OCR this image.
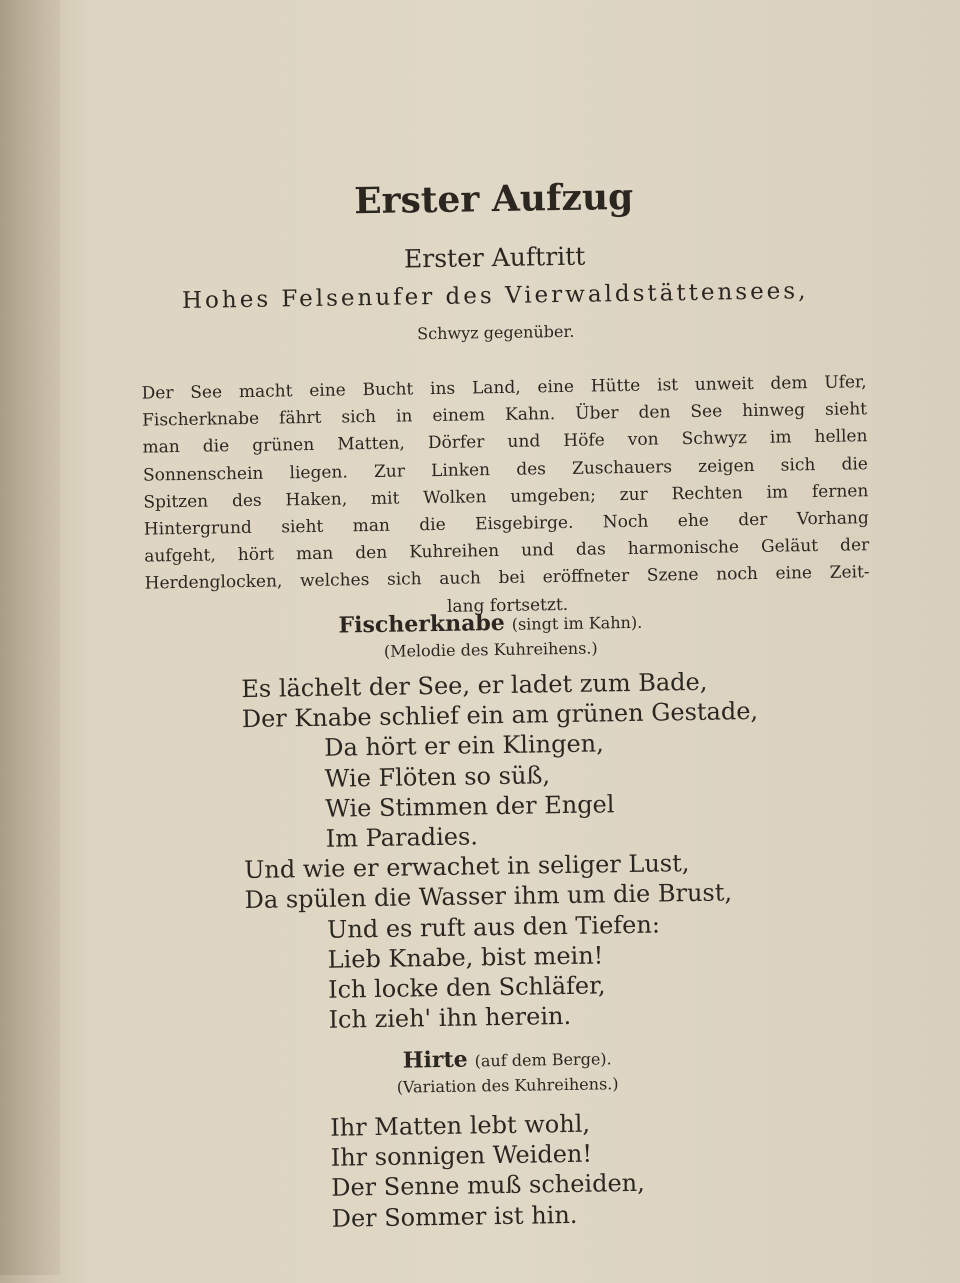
Erster Aufzug
Erster Auftritt
Hohes Felsenufer des Vierwaldstättensees,
Schwyz gegenüber.
Der See macht eine Bucht ins Land, eine Hütte ist unweit dem Ufer,
Fischerknabe fährt sich in einem Kahn. Über den See hinweg sieht
man die grünen Matten, Dörfer und Höfe von Schwyz im hellen
Sonnenschein liegen. Zur Linken des Zuschauers zeigen sich die
Spitzen des Haken, mit Wolken umgeben; zur Rechten im fernen
Hintergrund sieht man die Eisgebirge. Noch ehe der Vorhang
aufgeht, hört man den Kuhreihen und das harmonische Geläut der
Herdenglocken, welches sich auch bei eröffneter Szene noch eine Zeit-
lang fortsetzt.
Fischerknabe (singt im Kahn).
(Melodie des Kuhreihens.)
Es lächelt der See, er ladet zum Bade,
Der Knabe schlief ein am grünen Gestade,
Da hört er ein Klingen,
Wie Flöten so süß,
Wie Stimmen der Engel
Im Paradies.
Und wie er erwachet in seliger Lust,
Da spülen die Wasser ihm um die Brust,
Und es ruft aus den Tiefen:
Lieb Knabe, bist mein!
Ich locke den Schläfer,
Ich zieh' ihn herein.
Hirte (auf dem Berge).
(Variation des Kuhreihens.)
Ihr Matten lebt wohl,
Ihr sonnigen Weiden!
Der Senne muß scheiden,
Der Sommer ist hin.
